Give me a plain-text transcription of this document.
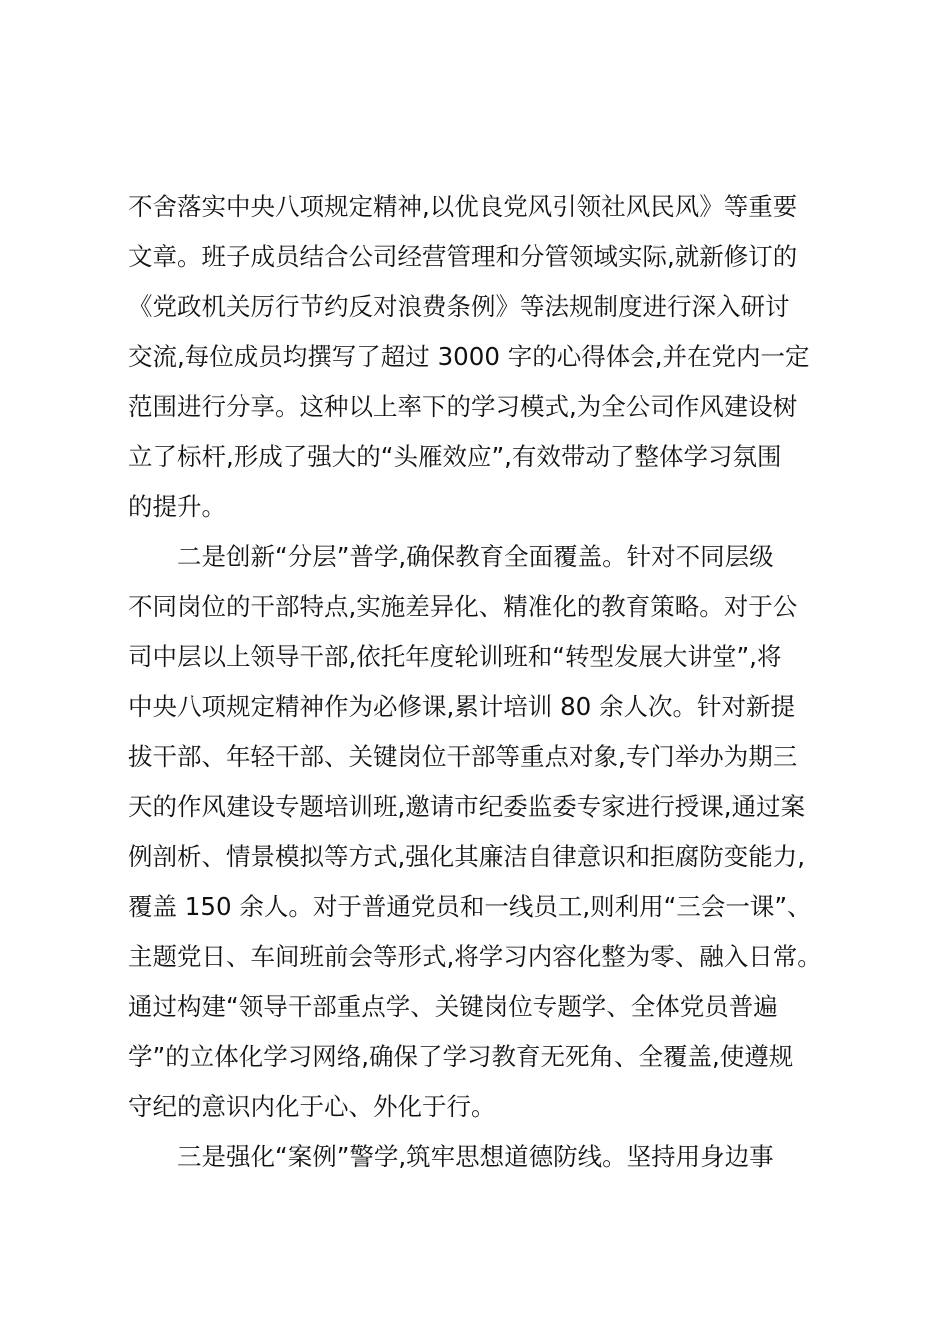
不舍落实中央八项规定精神,以优良党风引领社风民风》等重要
文章。班子成员结合公司经营管理和分管领域实际,就新修订的
《党政机关厉行节约反对浪费条例》等法规制度进行深入研讨
交流,每位成员均撰写了超过 3000 字的心得体会,并在党内一定
范围进行分享。这种以上率下的学习模式,为全公司作风建设树
立了标杆,形成了强大的“头雁效应”,有效带动了整体学习氛围
的提升。
二是创新“分层”普学,确保教育全面覆盖。针对不同层级
不同岗位的干部特点,实施差异化、精准化的教育策略。对于公
司中层以上领导干部,依托年度轮训班和“转型发展大讲堂”,将
中央八项规定精神作为必修课,累计培训 80 余人次。针对新提
拔干部、年轻干部、关键岗位干部等重点对象,专门举办为期三
天的作风建设专题培训班,邀请市纪委监委专家进行授课,通过案
例剖析、情景模拟等方式,强化其廉洁自律意识和拒腐防变能力,
覆盖 150 余人。对于普通党员和一线员工,则利用“三会一课”、
主题党日、车间班前会等形式,将学习内容化整为零、融入日常。
通过构建“领导干部重点学、关键岗位专题学、全体党员普遍
学”的立体化学习网络,确保了学习教育无死角、全覆盖,使遵规
守纪的意识内化于心、外化于行。
三是强化“案例”警学,筑牢思想道德防线。坚持用身边事
